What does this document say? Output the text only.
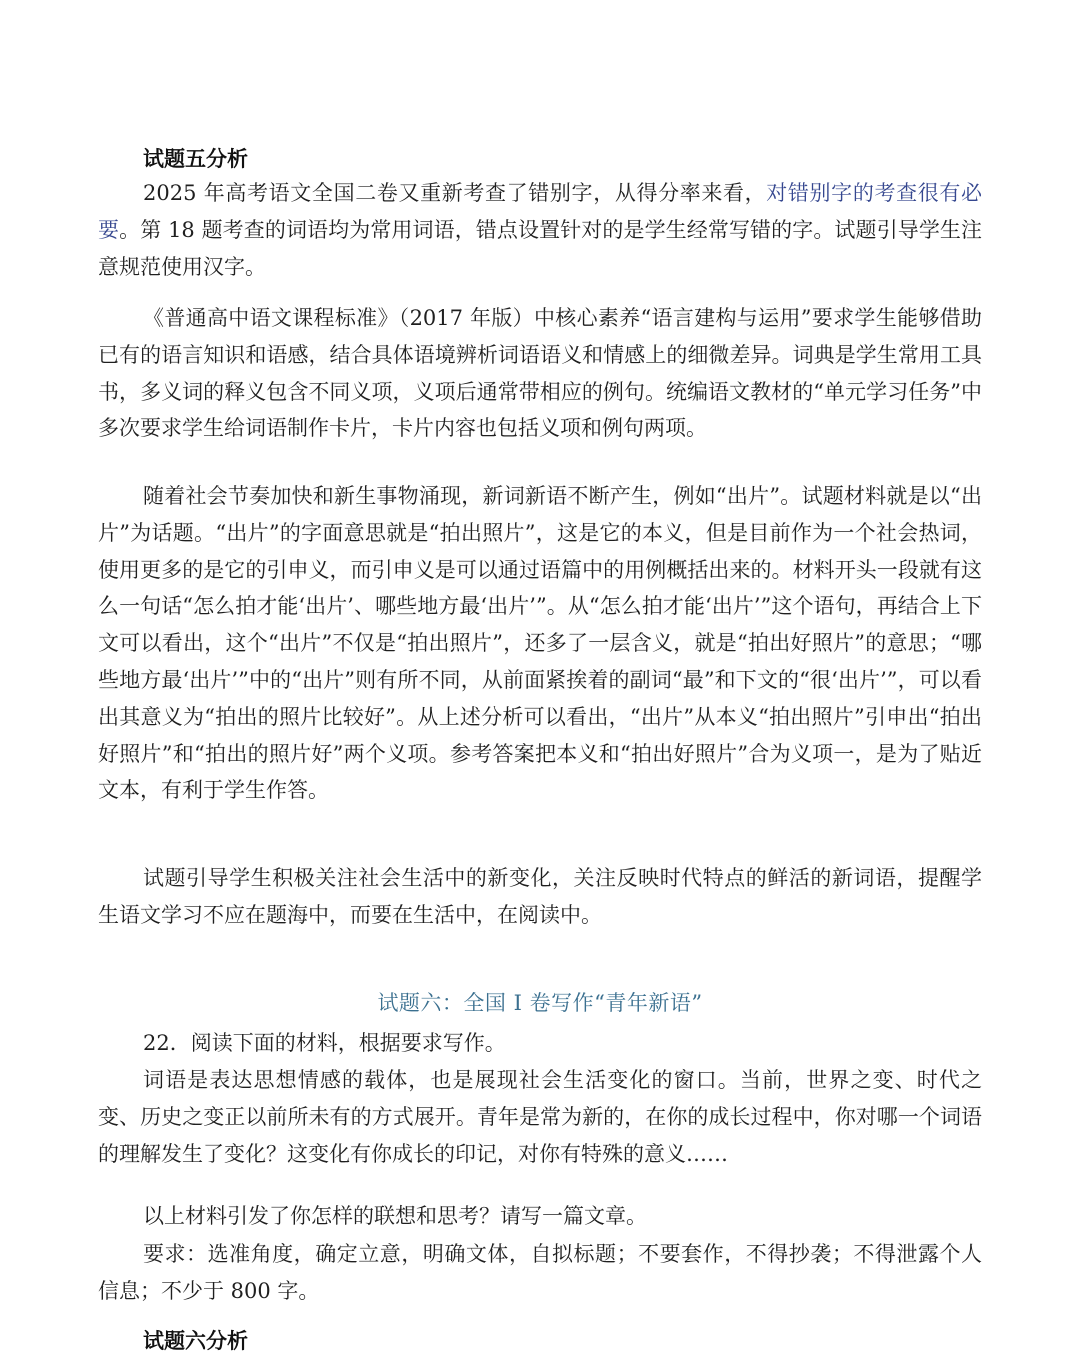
试题五分析
2025 年高考语文全国二卷又重新考查了错别字，从得分率来看，对错别字的考查很有必要。第 18 题考查的词语均为常用词语，错点设置针对的是学生经常写错的字。试题引导学生注意规范使用汉字。
《普通高中语文课程标准》（2017 年版）中核心素养“语言建构与运用”要求学生能够借助已有的语言知识和语感，结合具体语境辨析词语语义和情感上的细微差异。词典是学生常用工具书，多义词的释义包含不同义项，义项后通常带相应的例句。统编语文教材的“单元学习任务”中多次要求学生给词语制作卡片，卡片内容也包括义项和例句两项。
随着社会节奏加快和新生事物涌现，新词新语不断产生，例如“出片”。试题材料就是以“出片”为话题。“出片”的字面意思就是“拍出照片”，这是它的本义，但是目前作为一个社会热词，使用更多的是它的引申义，而引申义是可以通过语篇中的用例概括出来的。材料开头一段就有这么一句话“怎么拍才能‘出片’、哪些地方最‘出片’”。从“怎么拍才能‘出片’”这个语句，再结合上下文可以看出，这个“出片”不仅是“拍出照片”，还多了一层含义，就是“拍出好照片”的意思；“哪些地方最‘出片’”中的“出片”则有所不同，从前面紧挨着的副词“最”和下文的“很‘出片’”，可以看出其意义为“拍出的照片比较好”。从上述分析可以看出，“出片”从本义“拍出照片”引申出“拍出好照片”和“拍出的照片好”两个义项。参考答案把本义和“拍出好照片”合为义项一，是为了贴近文本，有利于学生作答。
试题引导学生积极关注社会生活中的新变化，关注反映时代特点的鲜活的新词语，提醒学生语文学习不应在题海中，而要在生活中，在阅读中。
试题六：全国 I 卷写作“青年新语”
22．阅读下面的材料，根据要求写作。
词语是表达思想情感的载体，也是展现社会生活变化的窗口。当前，世界之变、时代之变、历史之变正以前所未有的方式展开。青年是常为新的，在你的成长过程中，你对哪一个词语的理解发生了变化？这变化有你成长的印记，对你有特殊的意义……
以上材料引发了你怎样的联想和思考？请写一篇文章。
要求：选准角度，确定立意，明确文体，自拟标题；不要套作，不得抄袭；不得泄露个人信息；不少于 800 字。
试题六分析
